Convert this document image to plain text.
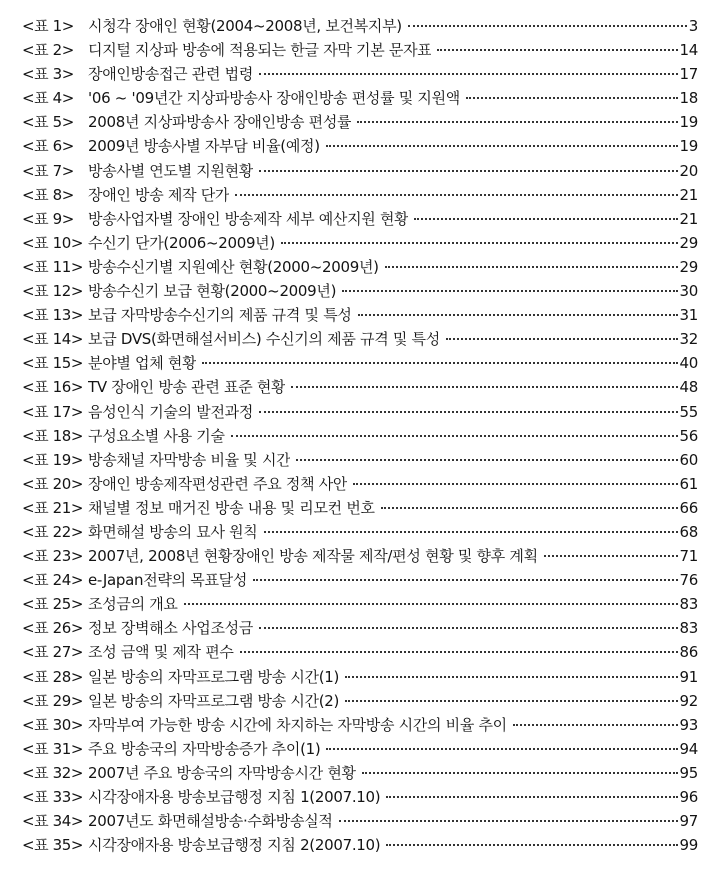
<표 1> 시청각 장애인 현황(2004~2008년, 보건복지부)	3
<표 2> 디지털 지상파 방송에 적용되는 한글 자막 기본 문자표	14
<표 3> 장애인방송접근 관련 법령	17
<표 4> '06 ~ '09년간 지상파방송사 장애인방송 편성률 및 지원액	18
<표 5> 2008년 지상파방송사 장애인방송 편성률	19
<표 6> 2009년 방송사별 자부담 비율(예정)	19
<표 7> 방송사별 연도별 지원현황	20
<표 8> 장애인 방송 제작 단가	21
<표 9> 방송사업자별 장애인 방송제작 세부 예산지원 현황	21
<표 10> 수신기 단가(2006~2009년)	29
<표 11> 방송수신기별 지원예산 현황(2000~2009년)	29
<표 12> 방송수신기 보급 현황(2000~2009년)	30
<표 13> 보급 자막방송수신기의 제품 규격 및 특성	31
<표 14> 보급 DVS(화면해설서비스) 수신기의 제품 규격 및 특성	32
<표 15> 분야별 업체 현황	40
<표 16> TV 장애인 방송 관련 표준 현황	48
<표 17> 음성인식 기술의 발전과정	55
<표 18> 구성요소별 사용 기술	56
<표 19> 방송채널 자막방송 비율 및 시간	60
<표 20> 장애인 방송제작편성관련 주요 정책 사안	61
<표 21> 채널별 정보 매거진 방송 내용 및 리모컨 번호	66
<표 22> 화면해설 방송의 묘사 원칙	68
<표 23> 2007년, 2008년 현황장애인 방송 제작물 제작/편성 현황 및 향후 계획	71
<표 24> e-Japan전략의 목표달성	76
<표 25> 조성금의 개요	83
<표 26> 정보 장벽해소 사업조성금	83
<표 27> 조성 금액 및 제작 편수	86
<표 28> 일본 방송의 자막프로그램 방송 시간(1)	91
<표 29> 일본 방송의 자막프로그램 방송 시간(2)	92
<표 30> 자막부여 가능한 방송 시간에 차지하는 자막방송 시간의 비율 추이	93
<표 31> 주요 방송국의 자막방송증가 추이(1)	94
<표 32> 2007년 주요 방송국의 자막방송시간 현황	95
<표 33> 시각장애자용 방송보급행정 지침 1(2007.10)	96
<표 34> 2007년도 화면해설방송·수화방송실적	97
<표 35> 시각장애자용 방송보급행정 지침 2(2007.10)	99
